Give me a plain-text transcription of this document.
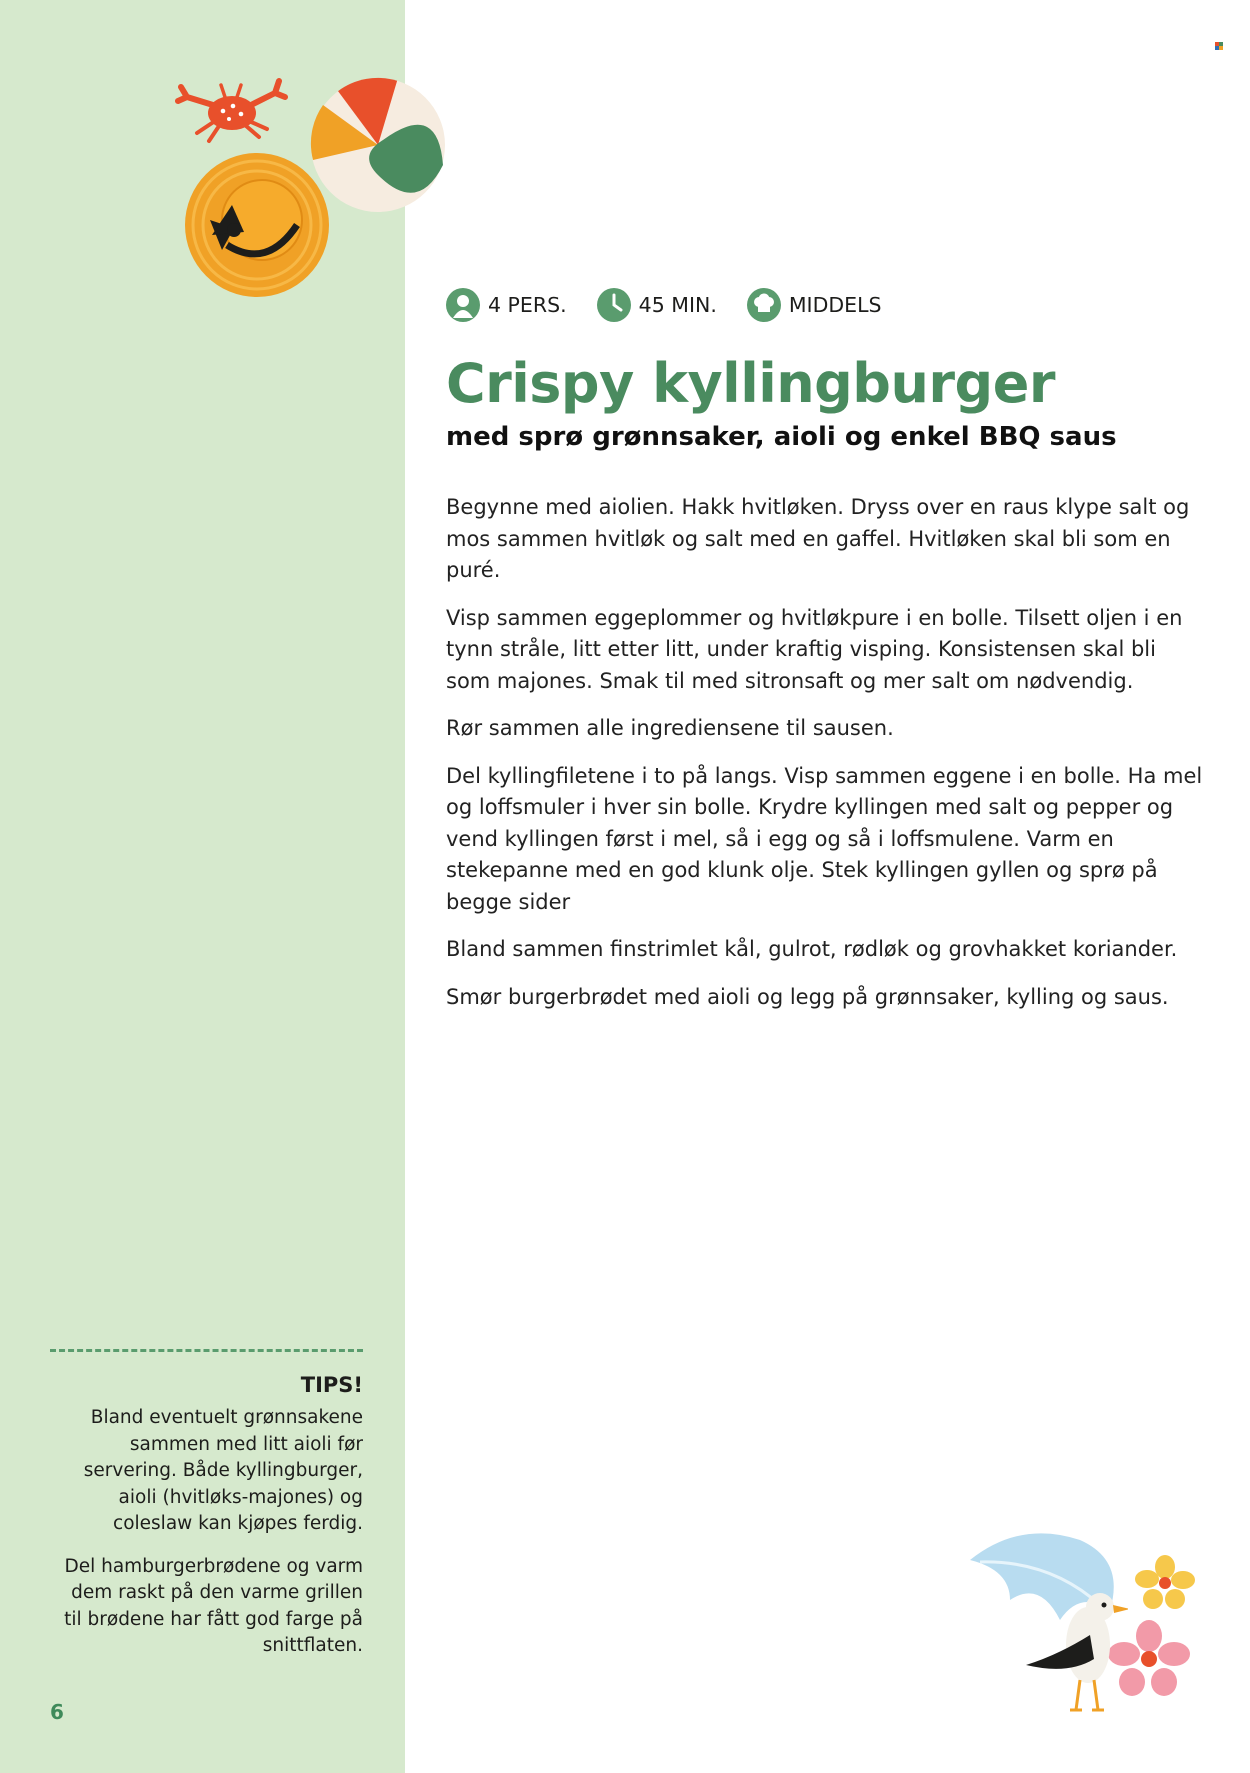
TIPS!

Bland eventuelt grønnsakene sammen med litt aioli før servering. Både kyllingburger, aioli (hvitløks-majones) og coleslaw kan kjøpes ferdig.

Del hamburgerbrødene og varm dem raskt på den varme grillen til brødene har fått god farge på snittflaten.

6
4 PERS.	45 MIN.	MIDDELS
Crispy kyllingburger
med sprø grønnsaker, aioli og enkel BBQ saus

Begynne med aiolien. Hakk hvitløken. Dryss over en raus klype salt og mos sammen hvitløk og salt med en gaffel. Hvitløken skal bli som en puré.

Visp sammen eggeplommer og hvitløkpure i en bolle. Tilsett oljen i en tynn stråle, litt etter litt, under kraftig visping. Konsistensen skal bli som majones. Smak til med sitronsaft og mer salt om nødvendig.

Rør sammen alle ingrediensene til sausen.

Del kyllingfiletene i to på langs. Visp sammen eggene i en bolle. Ha mel og loffsmuler i hver sin bolle. Krydre kyllingen med salt og pepper og vend kyllingen først i mel, så i egg og så i loffsmulene. Varm en stekepanne med en god klunk olje. Stek kyllingen gyllen og sprø på begge sider

Bland sammen finstrimlet kål, gulrot, rødløk og grovhakket koriander.

Smør burgerbrødet med aioli og legg på grønnsaker, kylling og saus.
